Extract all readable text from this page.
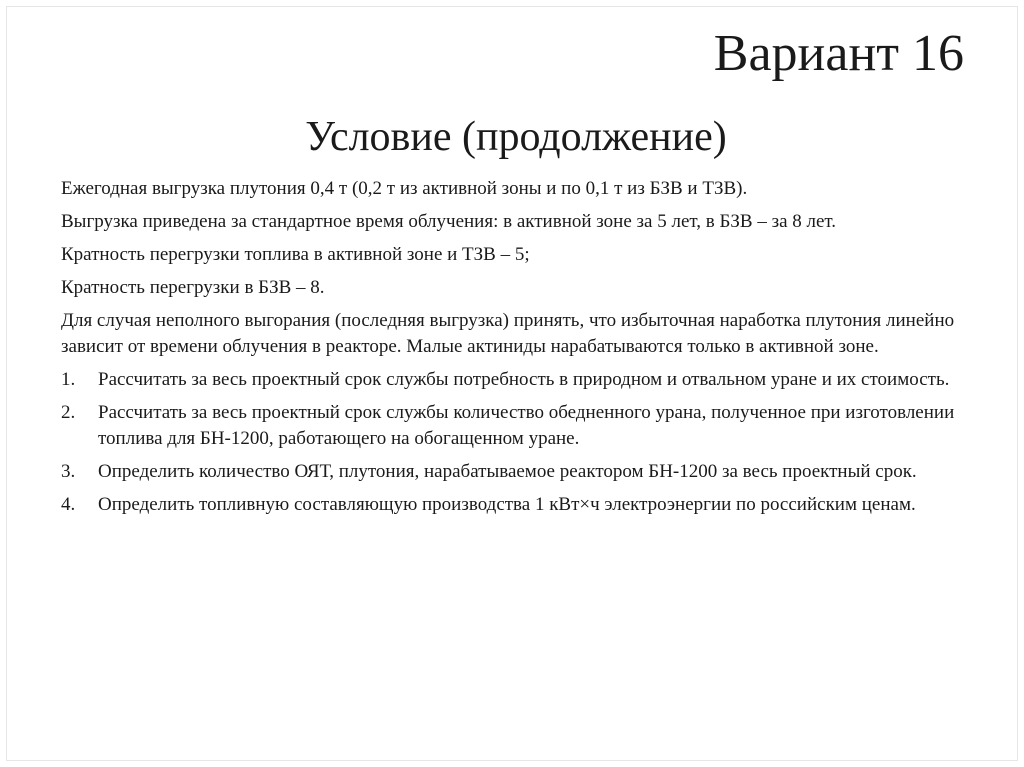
Вариант 16
Условие (продолжение)

Ежегодная выгрузка плутония 0,4 т (0,2 т из активной зоны и по 0,1 т из БЗВ и ТЗВ).

Выгрузка приведена за стандартное время облучения: в активной зоне за 5 лет, в БЗВ – за 8 лет.

Кратность перегрузки топлива в активной зоне и ТЗВ – 5;

Кратность перегрузки в БЗВ – 8.

Для случая неполного выгорания (последняя выгрузка) принять, что избыточная наработка плутония линейно зависит от времени облучения в реакторе. Малые актиниды нарабатываются только в активной зоне.

1.	Рассчитать за весь проектный срок службы потребность в природном и отвальном уране и их стоимость.
2.	Рассчитать за весь проектный срок службы количество обедненного урана, полученное при изготовлении топлива для БН-1200, работающего на обогащенном уране.
3.	Определить количество ОЯТ, плутония, нарабатываемое реактором БН-1200 за весь проектный срок.
4.	Определить топливную составляющую производства 1 кВт×ч электроэнергии по российским ценам.
